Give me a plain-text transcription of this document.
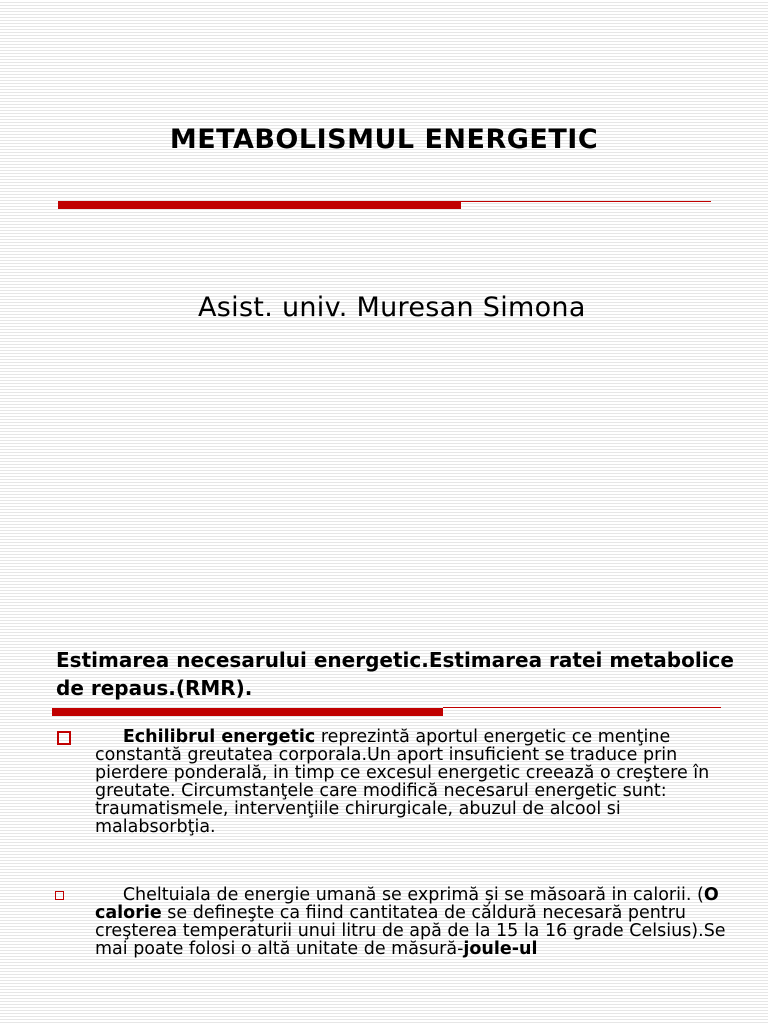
METABOLISMUL ENERGETIC
Asist. univ. Muresan Simona
Estimarea necesarului energetic.Estimarea ratei metabolice de repaus.(RMR).
Echilibrul energetic reprezintă aportul energetic ce menţine constantă greutatea corporala.Un aport insuficient se traduce prin pierdere ponderală, in timp ce excesul energetic creează o creştere în greutate. Circumstanţele care modifică necesarul energetic sunt: traumatismele, intervenţiile chirurgicale, abuzul de alcool si malabsorbţia.
Cheltuiala de energie umană se exprimă și se măsoară in calorii. (O calorie se defineşte ca fiind cantitatea de căldură necesară pentru creşterea temperaturii unui litru de apă de la 15 la 16 grade Celsius).Se mai poate folosi o altă unitate de măsură-joule-ul
